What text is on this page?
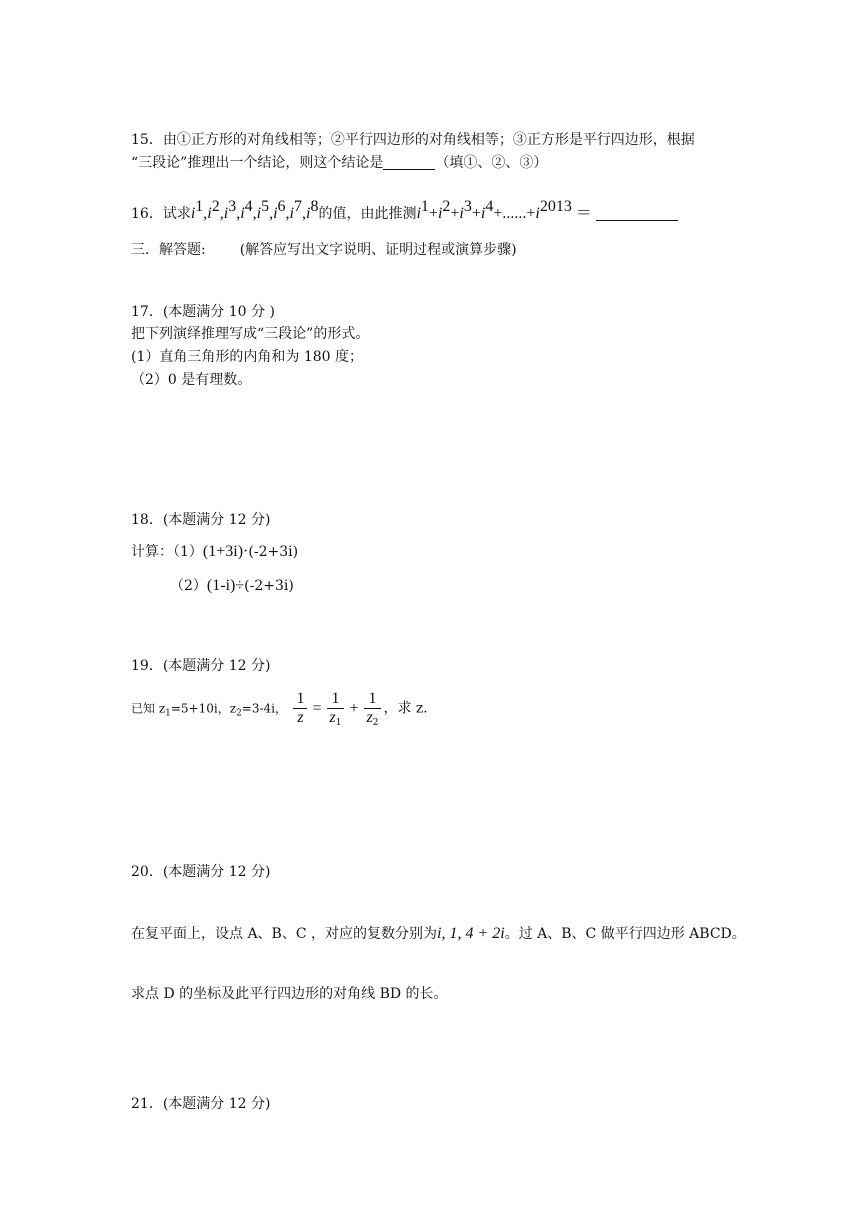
15．由①正方形的对角线相等；②平行四边形的对角线相等；③正方形是平行四边形，根据
“三段论”推理出一个结论，则这个结论是	（填①、②、③）
16．试求$i^1,i^2,i^3,i^4,i^5,i^6,i^7,i^8$的值，由此推测$i^1+i^2+i^3+i^4+......+i^{2013}$ ＝
三．解答题: (解答应写出文字说明、证明过程或演算步骤)
17．(本题满分 10 分 )
把下列演绎推理写成“三段论”的形式。
(1）直角三角形的内角和为 180 度；
（2）0 是有理数。
18．(本题满分 12 分)
计算：（1）(1+3i)·(-2+3i)
（2）(1-i)÷(-2+3i)
19．(本题满分 12 分)
已知 $z_1=5+10i$，$z_2=3-4i$， $\frac{1}{z} = \frac{1}{z_1} + \frac{1}{z_2}$ ，求 z.
20．(本题满分 12 分)
在复平面上，设点 A、B、C ，对应的复数分别为i, 1, 4 + 2i。过 A、B、C 做平行四边形 ABCD。
求点 D 的坐标及此平行四边形的对角线 BD 的长。
21．(本题满分 12 分)
